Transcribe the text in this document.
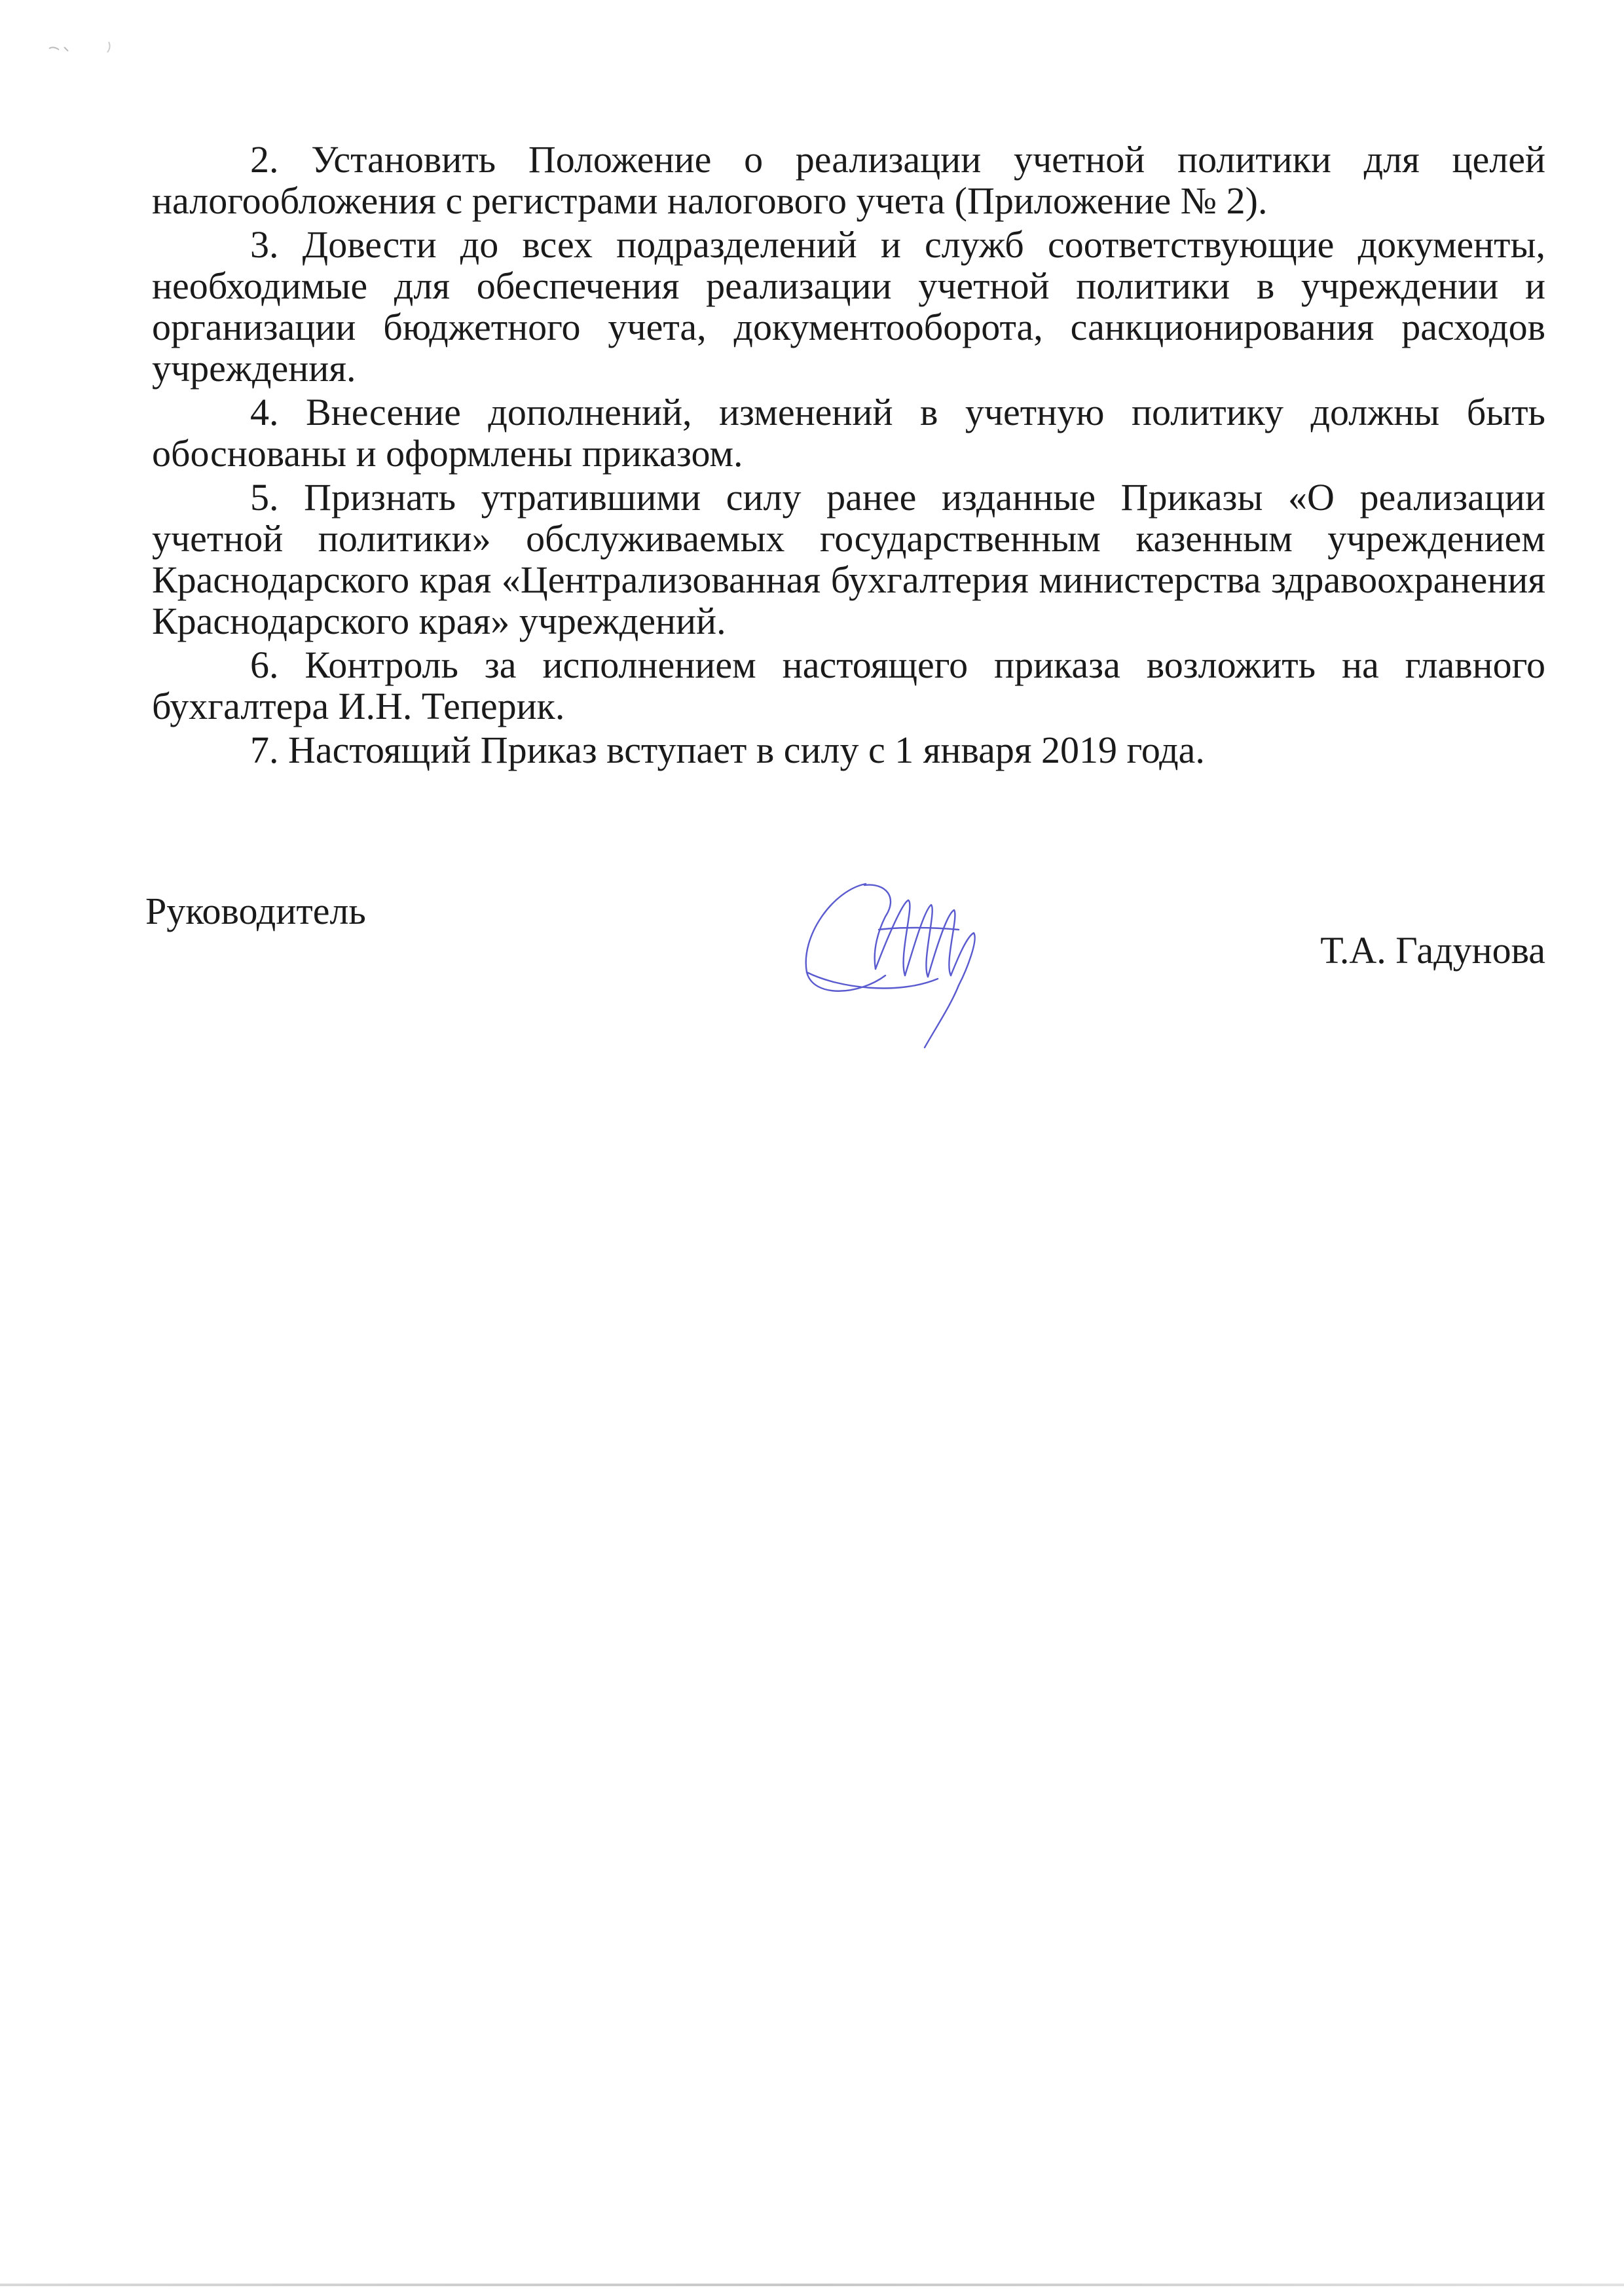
2. Установить Положение о реализации учетной политики для целей налогообложения с регистрами налогового учета (Приложение № 2).

3. Довести до всех подразделений и служб соответствующие документы, необходимые для обеспечения реализации учетной политики в учреждении и организации бюджетного учета, документооборота, санкционирования расходов учреждения.

4. Внесение дополнений, изменений в учетную политику должны быть обоснованы и оформлены приказом.

5. Признать утратившими силу ранее изданные Приказы «О реализации учетной политики» обслуживаемых государственным казенным учреждением Краснодарского края «Централизованная бухгалтерия министерства здравоохранения Краснодарского края» учреждений.

6. Контроль за исполнением настоящего приказа возложить на главного бухгалтера И.Н. Теперик.

7. Настоящий Приказ вступает в силу с 1 января 2019 года.

Руководитель
Т.А. Гадунова
